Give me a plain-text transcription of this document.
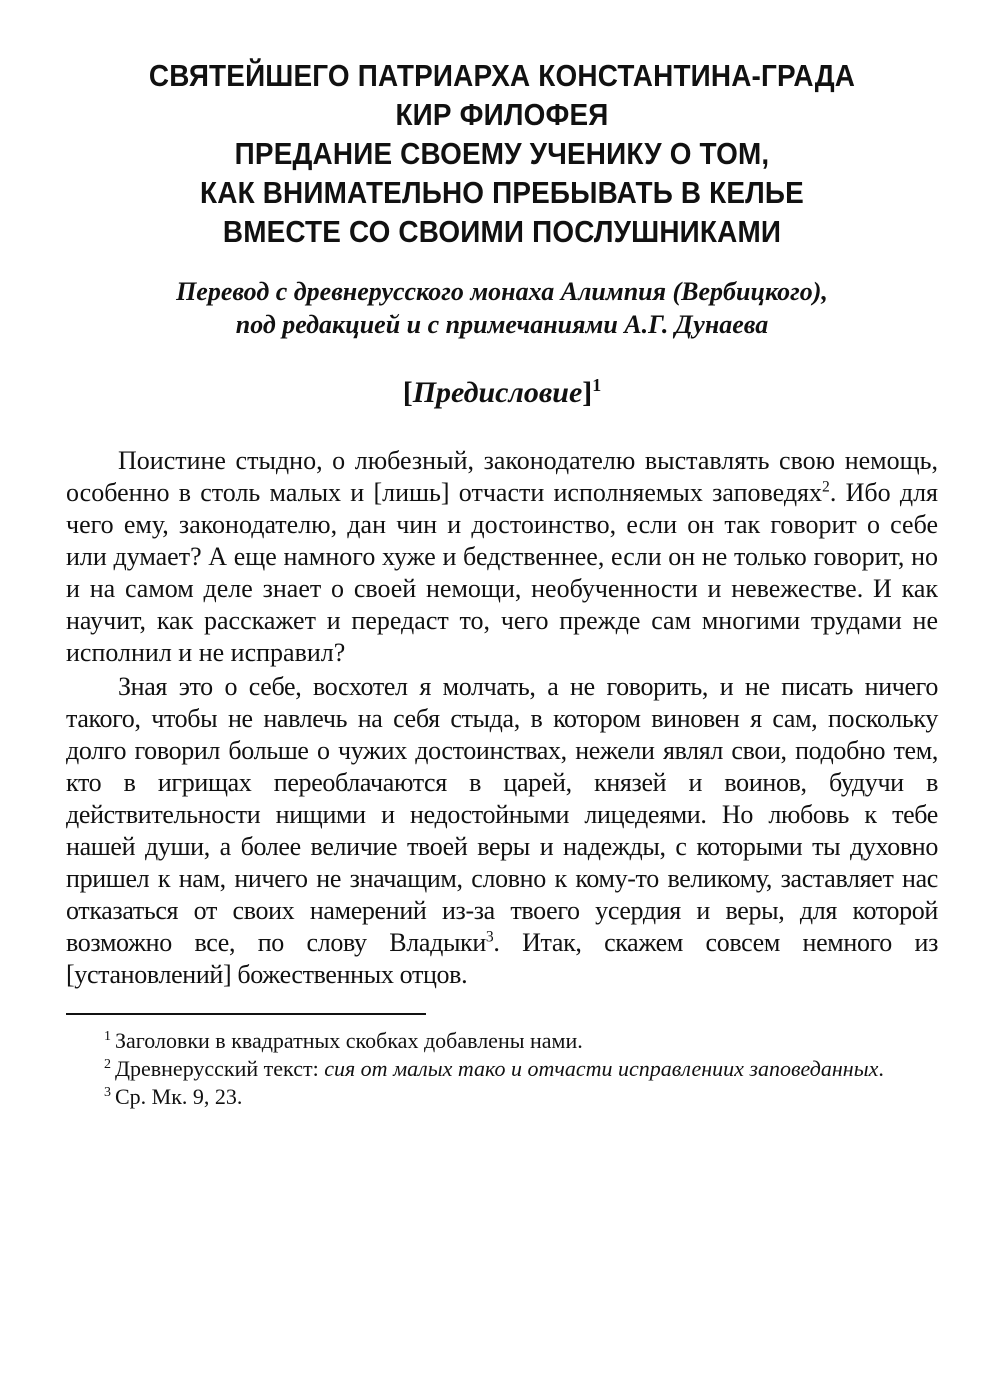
СВЯТЕЙШЕГО ПАТРИАРХА КОНСТАНТИНА-ГРАДА
КИР ФИЛОФЕЯ
ПРЕДАНИЕ СВОЕМУ УЧЕНИКУ О ТОМ,
КАК ВНИМАТЕЛЬНО ПРЕБЫВАТЬ В КЕЛЬЕ
ВМЕСТЕ СО СВОИМИ ПОСЛУШНИКАМИ
Перевод с древнерусского монаха Алимпия (Вербицкого),
под редакцией и с примечаниями А.Г. Дунаева
[Предисловие]$^1$

Поистине стыдно, о любезный, законодателю выставлять свою немощь, особенно в столь малых и [лишь] отчасти исполняемых заповедях$^2$. Ибо для чего ему, законодателю, дан чин и достоинство, если он так говорит о себе или думает? А еще намного хуже и бедственнее, если он не только говорит, но и на самом деле знает о своей немощи, необученности и невежестве. И как научит, как расскажет и передаст то, чего прежде сам многими трудами не исполнил и не исправил?

Зная это о себе, восхотел я молчать, а не говорить, и не писать ничего такого, чтобы не навлечь на себя стыда, в котором виновен я сам, поскольку долго говорил больше о чужих достоинствах, нежели являл свои, подобно тем, кто в игрищах переоблачаются в царей, князей и воинов, будучи в действительности нищими и недостойными лицедеями. Но любовь к тебе нашей души, а более величие твоей веры и надежды, с которыми ты духовно пришел к нам, ничего не значащим, словно к кому-то великому, заставляет нас отказаться от своих намерений из-за твоего усердия и веры, для которой возможно все, по слову Владыки$^3$. Итак, скажем совсем немного из [установлений] божественных отцов.

$^1$ Заголовки в квадратных скобках добавлены нами.

$^2$ Древнерусский текст: сия от малых тако и отчасти исправлениих заповеданных.

$^3$ Ср. Мк. 9, 23.
